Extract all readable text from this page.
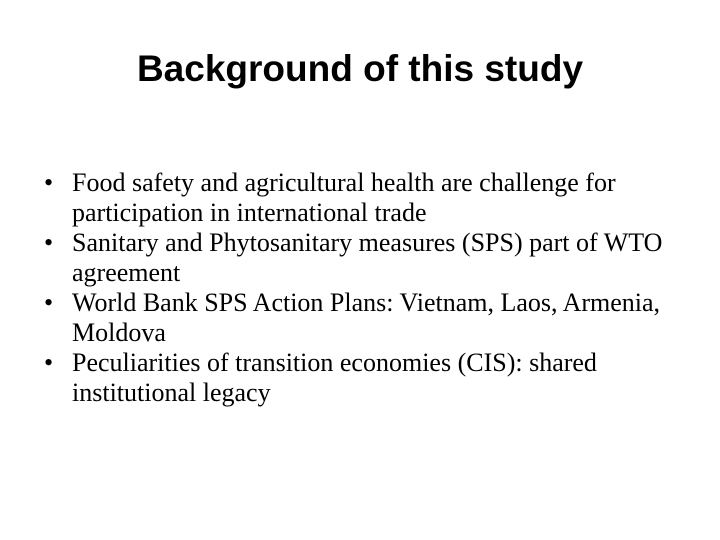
Background of this study
• Food safety and agricultural health are challenge for participation in international trade
• Sanitary and Phytosanitary measures (SPS) part of WTO agreement
• World Bank SPS Action Plans: Vietnam, Laos, Armenia, Moldova
• Peculiarities of transition economies (CIS): shared institutional legacy
